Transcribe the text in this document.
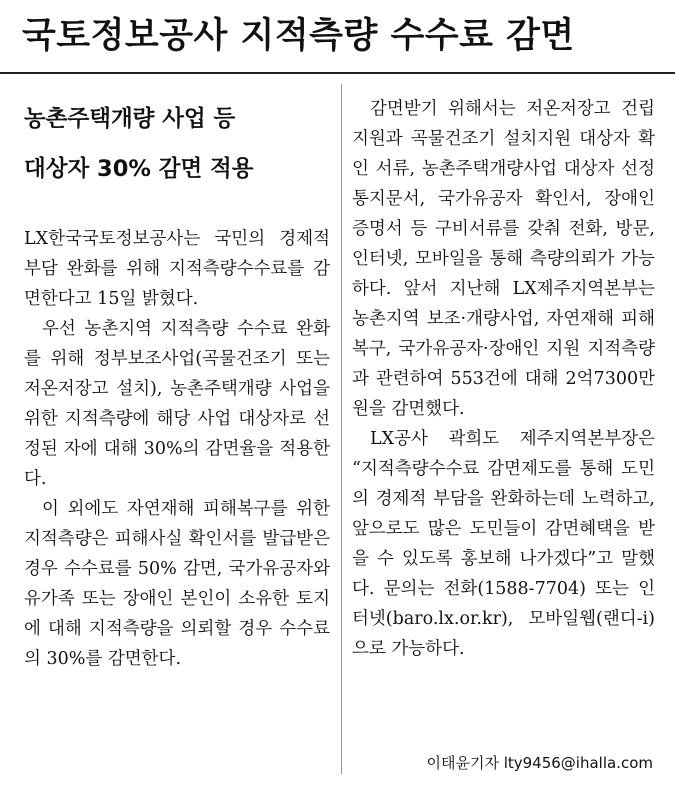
국토정보공사 지적측량 수수료 감면
농촌주택개량 사업 등
대상자 30% 감면 적용

LX한국국토정보공사는 국민의 경제적 부담 완화를 위해 지적측량수수료를 감면한다고 15일 밝혔다.

우선 농촌지역 지적측량 수수료 완화를 위해 정부보조사업(곡물건조기 또는 저온저장고 설치), 농촌주택개량 사업을 위한 지적측량에 해당 사업 대상자로 선정된 자에 대해 30%의 감면율을 적용한다.

이 외에도 자연재해 피해복구를 위한 지적측량은 피해사실 확인서를 발급받은 경우 수수료를 50% 감면, 국가유공자와 유가족 또는 장애인 본인이 소유한 토지에 대해 지적측량을 의뢰할 경우 수수료의 30%를 감면한다.

감면받기 위해서는 저온저장고 건립지원과 곡물건조기 설치지원 대상자 확인 서류, 농촌주택개량사업 대상자 선정통지문서, 국가유공자 확인서, 장애인 증명서 등 구비서류를 갖춰 전화, 방문, 인터넷, 모바일을 통해 측량의뢰가 가능하다. 앞서 지난해 LX제주지역본부는 농촌지역 보조·개량사업, 자연재해 피해복구, 국가유공자·장애인 지원 지적측량과 관련하여 553건에 대해 2억7300만원을 감면했다.

LX공사 곽희도 제주지역본부장은 “지적측량수수료 감면제도를 통해 도민의 경제적 부담을 완화하는데 노력하고, 앞으로도 많은 도민들이 감면혜택을 받을 수 있도록 홍보해 나가겠다”고 말했다. 문의는 전화(1588-7704) 또는 인터넷(baro.lx.or.kr), 모바일웹(랜디-i)으로 가능하다.

이태윤기자 lty9456@ihalla.com
